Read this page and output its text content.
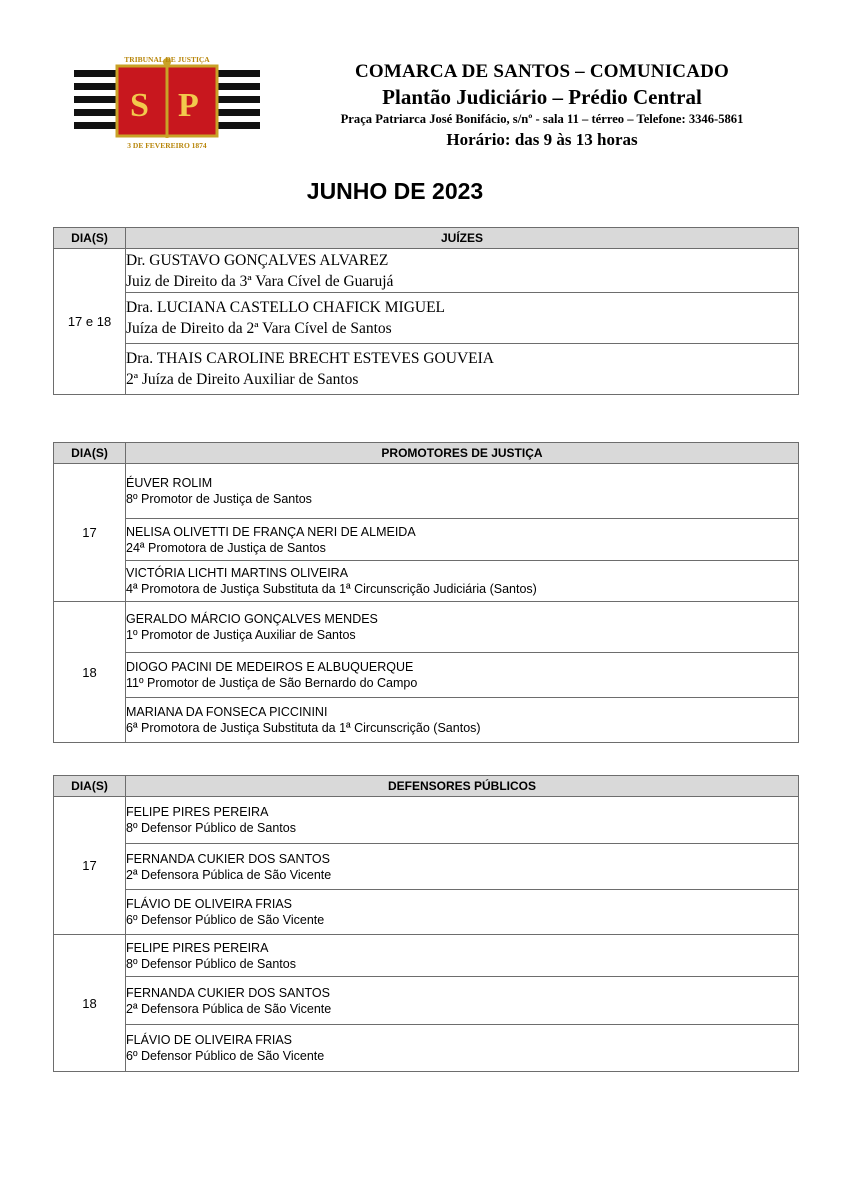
S P
TRIBUNAL DE JUSTIÇA
3 DE FEVEREIRO 1874
COMARCA DE SANTOS – COMUNICADO
Plantão Judiciário – Prédio Central
Praça Patriarca José Bonifácio, s/nº - sala 11 – térreo – Telefone: 3346-5861
Horário: das 9 às 13 horas
JUNHO DE 2023
DIA(S)	JUÍZES
17 e 18	Dr. GUSTAVO GONÇALVES ALVAREZ
Juiz de Direito da 3ª Vara Cível de Guarujá

	Dra. LUCIANA CASTELLO CHAFICK MIGUEL
Juíza de Direito da 2ª Vara Cível de Santos

	Dra. THAIS CAROLINE BRECHT ESTEVES GOUVEIA
2ª Juíza de Direito Auxiliar de Santos
DIA(S)	PROMOTORES DE JUSTIÇA
17	ÉUVER ROLIM
8º Promotor de Justiça de Santos

	NELISA OLIVETTI DE FRANÇA NERI DE ALMEIDA
24ª Promotora de Justiça de Santos

	VICTÓRIA LICHTI MARTINS OLIVEIRA
4ª Promotora de Justiça Substituta da 1ª Circunscrição Judiciária (Santos)

18	GERALDO MÁRCIO GONÇALVES MENDES
1º Promotor de Justiça Auxiliar de Santos

	DIOGO PACINI DE MEDEIROS E ALBUQUERQUE
11º Promotor de Justiça de São Bernardo do Campo

	MARIANA DA FONSECA PICCININI
6ª Promotora de Justiça Substituta da 1ª Circunscrição (Santos)
DIA(S)	DEFENSORES PÚBLICOS
17	FELIPE PIRES PEREIRA
8º Defensor Público de Santos

	FERNANDA CUKIER DOS SANTOS
2ª Defensora Pública de São Vicente

	FLÁVIO DE OLIVEIRA FRIAS
6º Defensor Público de São Vicente

18	FELIPE PIRES PEREIRA
8º Defensor Público de Santos

	FERNANDA CUKIER DOS SANTOS
2ª Defensora Pública de São Vicente

	FLÁVIO DE OLIVEIRA FRIAS
6º Defensor Público de São Vicente
